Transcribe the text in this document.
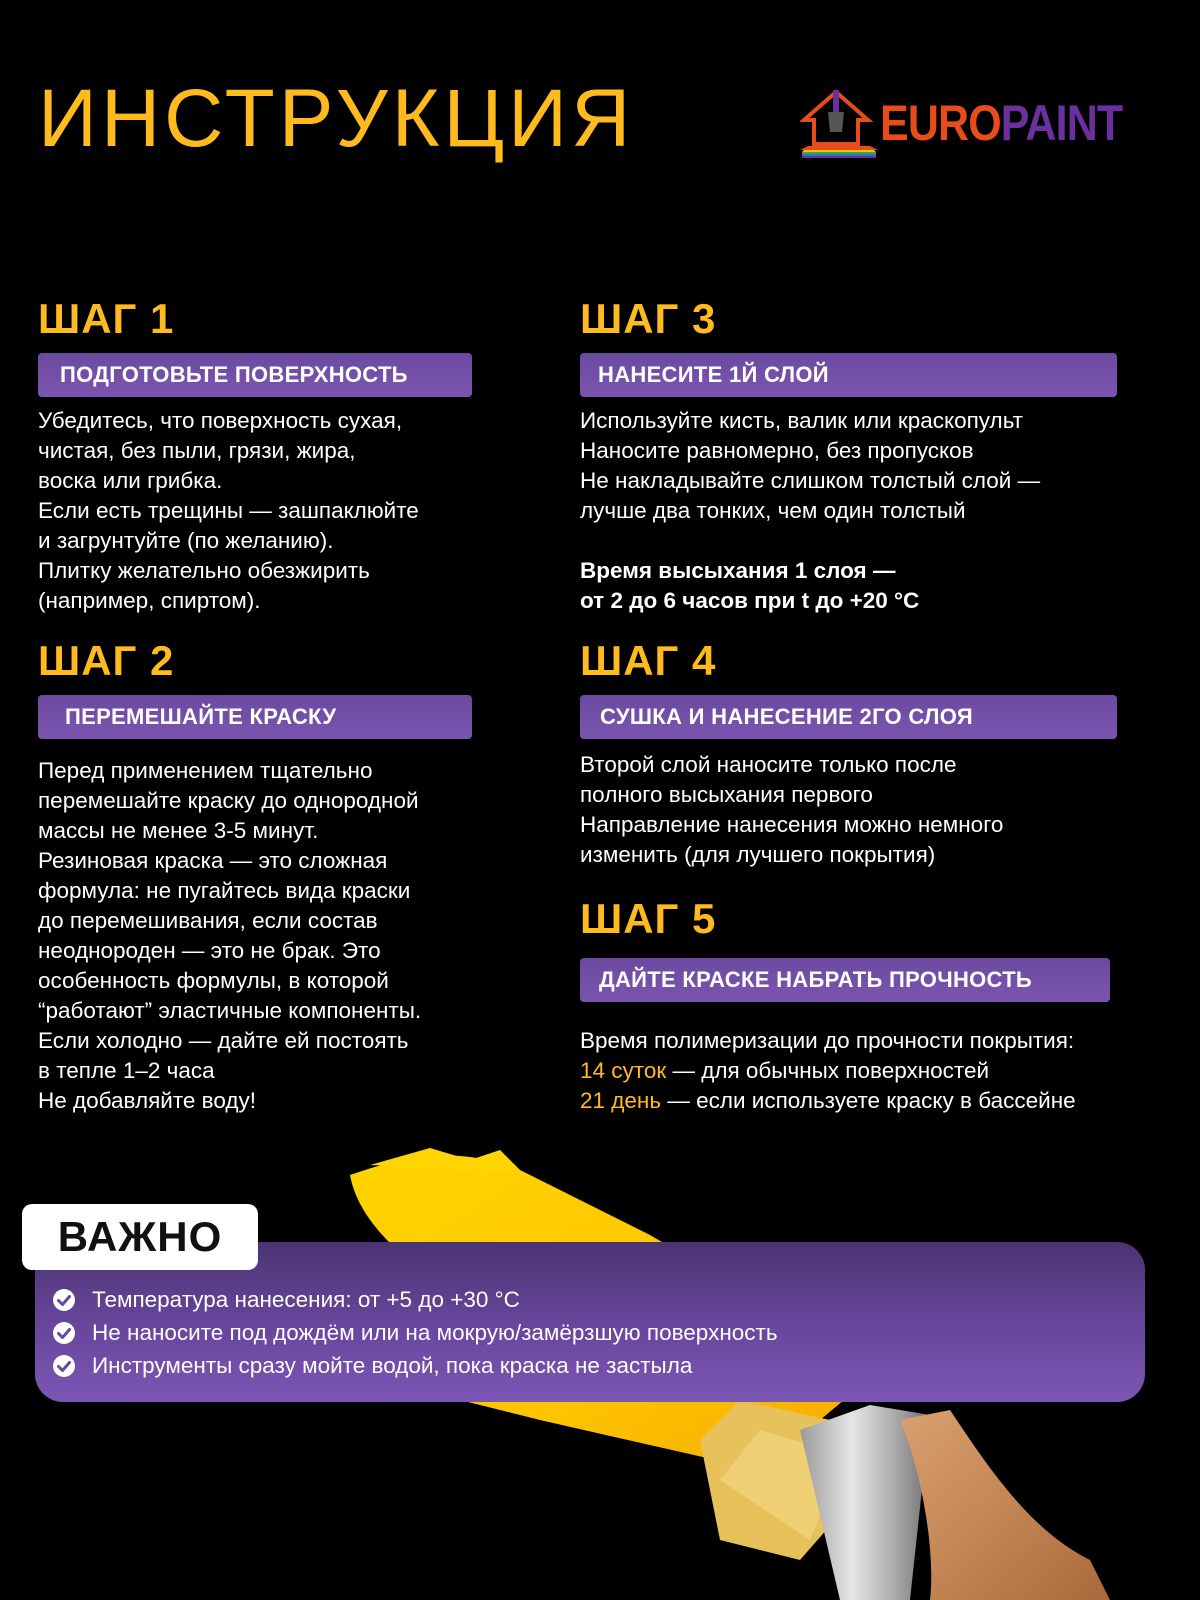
ИНСТРУКЦИЯ	EUROPAINT
ШАГ 1
ПОДГОТОВЬТЕ ПОВЕРХНОСТЬ
Убедитесь, что поверхность сухая,
чистая, без пыли, грязи, жира,
воска или грибка.
Если есть трещины — зашпаклюйте
и загрунтуйте (по желанию).
Плитку желательно обезжирить
(например, спиртом).
ШАГ 2
ПЕРЕМЕШАЙТЕ КРАСКУ
Перед применением тщательно
перемешайте краску до однородной
массы не менее 3-5 минут.
Резиновая краска — это сложная
формула: не пугайтесь вида краски
до перемешивания, если состав
неоднороден — это не брак. Это
особенность формулы, в которой
“работают” эластичные компоненты.
Если холодно — дайте ей постоять
в тепле 1–2 часа
Не добавляйте воду!
ШАГ 3
НАНЕСИТЕ 1Й СЛОЙ
Используйте кисть, валик или краскопульт
Наносите равномерно, без пропусков
Не накладывайте слишком толстый слой —
лучше два тонких, чем один толстый
Время высыхания 1 слоя —
от 2 до 6 часов при t до +20 °C
ШАГ 4
СУШКА И НАНЕСЕНИЕ 2ГО СЛОЯ
Второй слой наносите только после
полного высыхания первого
Направление нанесения можно немного
изменить (для лучшего покрытия)
ШАГ 5
ДАЙТЕ КРАСКЕ НАБРАТЬ ПРОЧНОСТЬ
Время полимеризации до прочности покрытия:
14 суток — для обычных поверхностей
21 день — если используете краску в бассейне
ВАЖНО
Температура нанесения: от +5 до +30 °C
Не наносите под дождём или на мокрую/замёрзшую поверхность
Инструменты сразу мойте водой, пока краска не застыла
